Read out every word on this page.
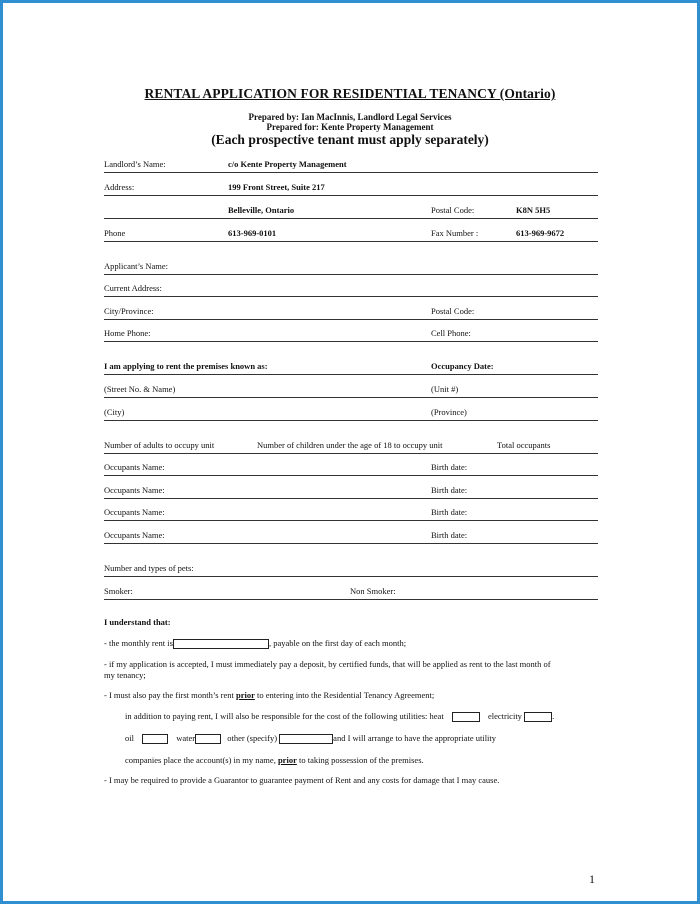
RENTAL APPLICATION FOR RESIDENTIAL TENANCY (Ontario)
Prepared by: Ian MacInnis, Landlord Legal Services
Prepared for: Kente Property Management
(Each prospective tenant must apply separately)
Landlord’s Name:	c/o Kente Property Management
Address:	199 Front Street, Suite 217
Belleville, Ontario	Postal Code:	K8N 5H5
Phone	613-969-0101	Fax Number :	613-969-9672
Applicant’s Name:
Current Address:
City/Province:	Postal Code:
Home Phone:	Cell Phone:
I am applying to rent the premises known as:	Occupancy Date:
(Street No. & Name)	(Unit #)
(City)	(Province)
Number of adults to occupy unit	Number of children under the age of 18 to occupy unit	Total occupants
Occupants Name:	Birth date:
Occupants Name:	Birth date:
Occupants Name:	Birth date:
Occupants Name:	Birth date:
Number and types of pets:
Smoker:	Non Smoker:
I understand that:
- the monthly rent is	, payable on the first day of each month;
- if my application is accepted, I must immediately pay a deposit, by certified funds, that will be applied as rent to the last month of
my tenancy;
- I must also pay the first month’s rent prior to entering into the Residential Tenancy Agreement;
in addition to paying rent, I will also be responsible for the cost of the following utilities: heat	electricity	.
oil	water	other (specify)	and I will arrange to have the appropriate utility
companies place the account(s) in my name, prior to taking possession of the premises.
- I may be required to provide a Guarantor to guarantee payment of Rent and any costs for damage that I may cause.
1
